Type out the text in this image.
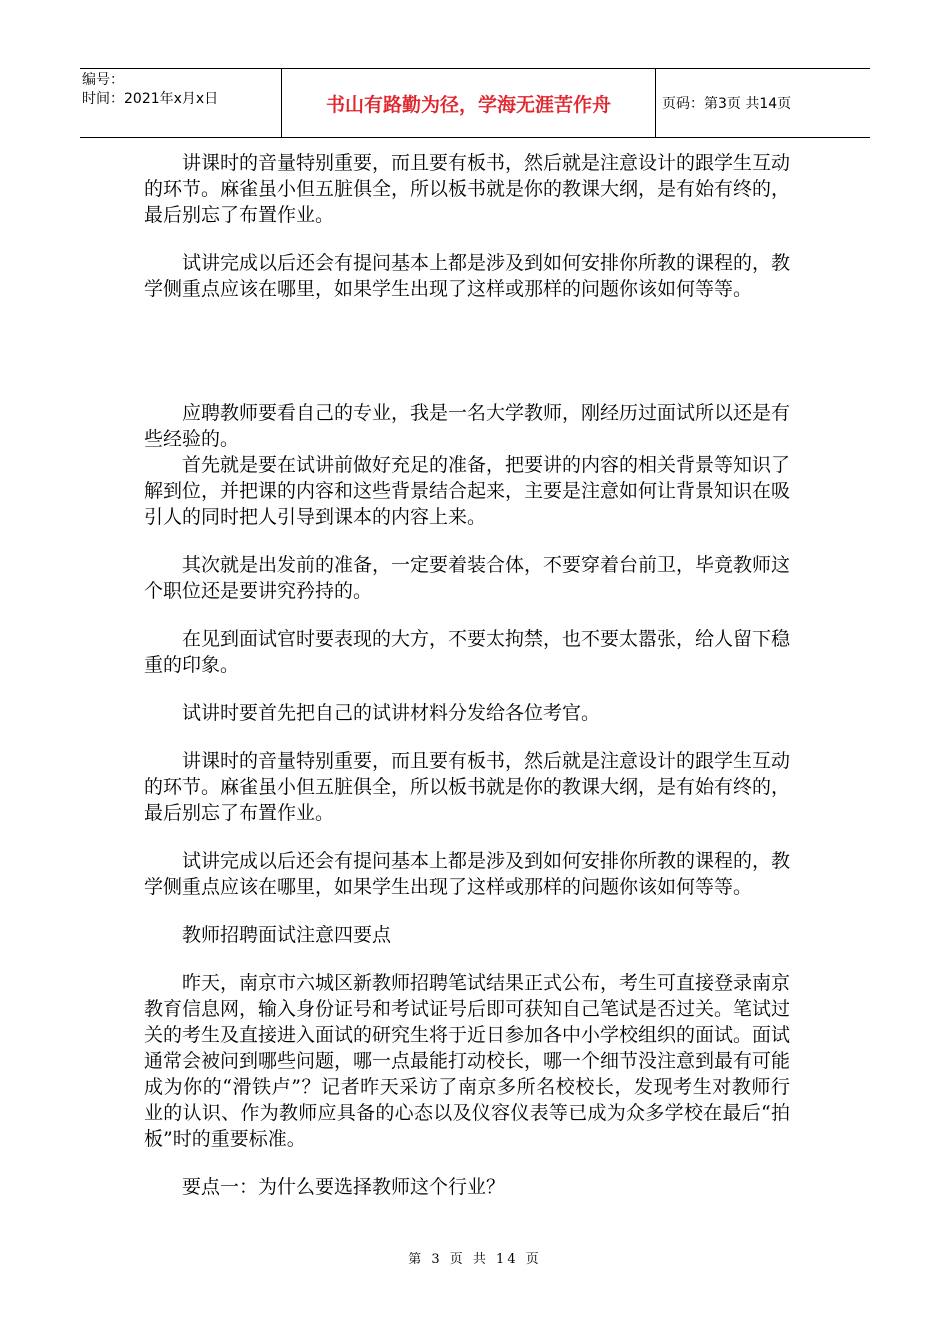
编号：
时间：2021年x月x日	书山有路勤为径，学海无涯苦作舟	页码：第3页 共14页

讲课时的音量特别重要，而且要有板书，然后就是注意设计的跟学生互动的环节。麻雀虽小但五脏俱全，所以板书就是你的教课大纲，是有始有终的，最后别忘了布置作业。

试讲完成以后还会有提问基本上都是涉及到如何安排你所教的课程的，教学侧重点应该在哪里，如果学生出现了这样或那样的问题你该如何等等。

应聘教师要看自己的专业，我是一名大学教师，刚经历过面试所以还是有些经验的。

首先就是要在试讲前做好充足的准备，把要讲的内容的相关背景等知识了解到位，并把课的内容和这些背景结合起来，主要是注意如何让背景知识在吸引人的同时把人引导到课本的内容上来。

其次就是出发前的准备，一定要着装合体，不要穿着台前卫，毕竟教师这个职位还是要讲究矜持的。

在见到面试官时要表现的大方，不要太拘禁，也不要太嚣张，给人留下稳重的印象。

试讲时要首先把自己的试讲材料分发给各位考官。

讲课时的音量特别重要，而且要有板书，然后就是注意设计的跟学生互动的环节。麻雀虽小但五脏俱全，所以板书就是你的教课大纲，是有始有终的，最后别忘了布置作业。

试讲完成以后还会有提问基本上都是涉及到如何安排你所教的课程的，教学侧重点应该在哪里，如果学生出现了这样或那样的问题你该如何等等。

教师招聘面试注意四要点

昨天，南京市六城区新教师招聘笔试结果正式公布，考生可直接登录南京教育信息网，输入身份证号和考试证号后即可获知自己笔试是否过关。笔试过关的考生及直接进入面试的研究生将于近日参加各中小学校组织的面试。面试通常会被问到哪些问题，哪一点最能打动校长，哪一个细节没注意到最有可能成为你的“滑铁卢”？记者昨天采访了南京多所名校校长，发现考生对教师行业的认识、作为教师应具备的心态以及仪容仪表等已成为众多学校在最后“拍板”时的重要标准。

要点一：为什么要选择教师这个行业？

第 3 页 共 14 页
